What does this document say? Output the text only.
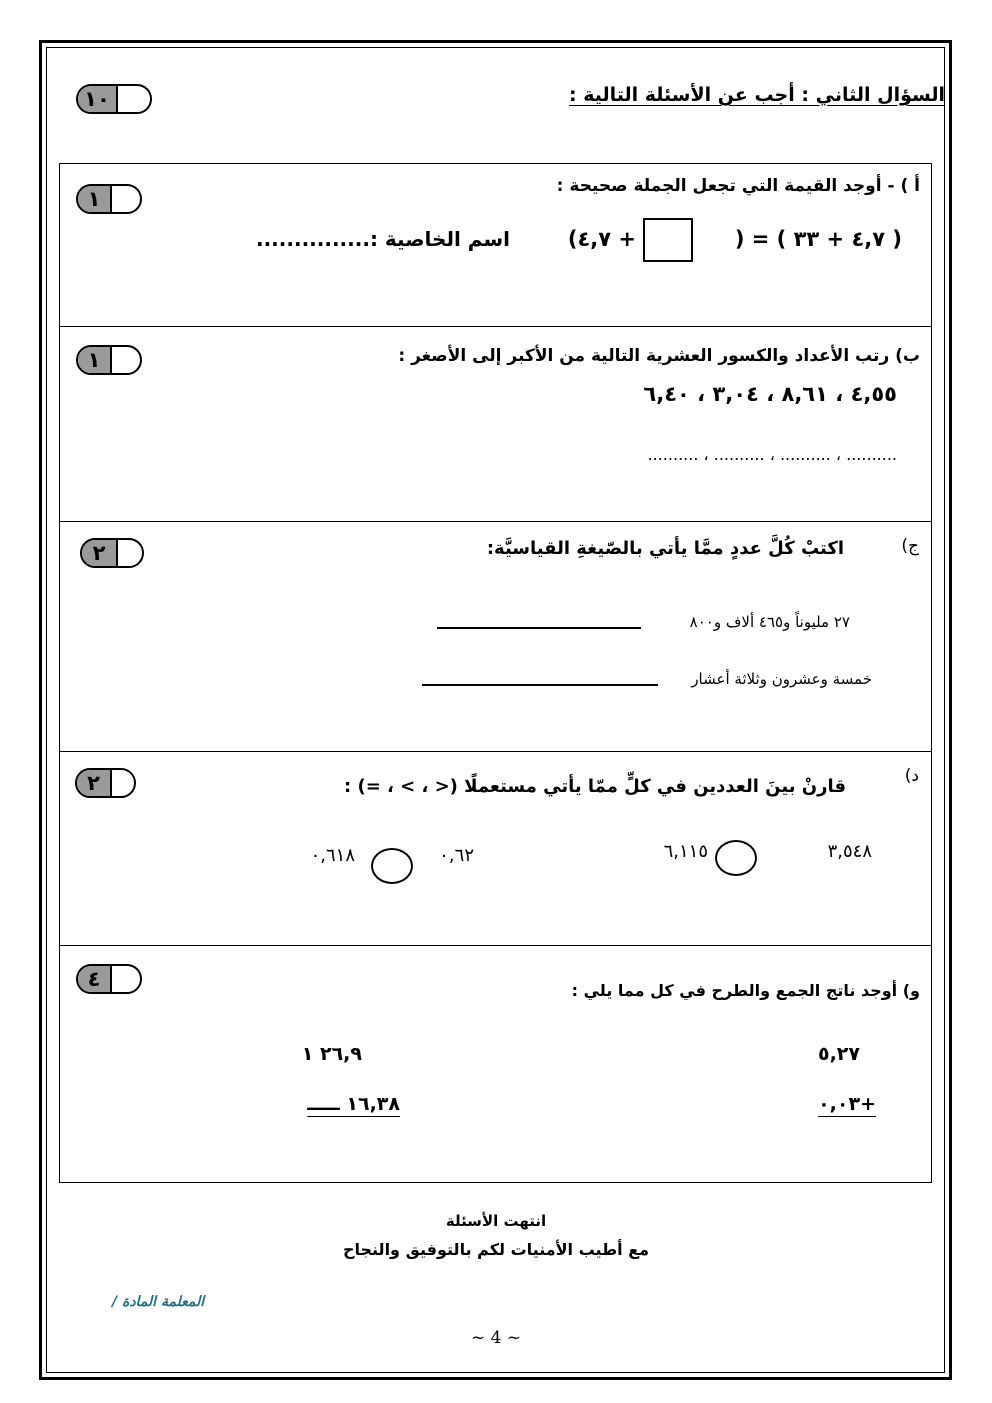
السؤال الثاني : أجب عن الأسئلة التالية :
١٠
أ ) - أوجد القيمة التي تجعل الجملة صحيحة :
١
( ٤,٧ + ٣٣ ) = (
+ ٤,٧)
اسم الخاصية :...............
ب) رتب الأعداد والكسور العشرية التالية من الأكبر إلى الأصغر :
١
٤,٥٥ ، ٨,٦١ ، ٣,٠٤ ، ٦,٤٠
.......... ، .......... ، .......... ، ..........
ج)
اكتبْ كُلَّ عددٍ ممَّا يأتي بالصّيغةِ القياسيَّة:
٢
٢٧ مليوناً و٤٦٥ ألاف و٨٠٠
خمسة وعشرون وثلاثة أعشار
د)
قارنْ بينَ العددين في كلٍّ ممّا يأتي مستعملًا (< ، > ، =) :
٢
٣,٥٤٨
٦,١١٥
٠,٦٢
٠,٦١٨
و) أوجد ناتج الجمع والطرح في كل مما يلي :
٤
٥,٢٧
+٠,٠٣
٢٦,٩ ١
١٦,٣٨ ـــــ
انتهت الأسئلة
مع أطيب الأمنيات لكم بالتوفيق والنجاح
المعلمة المادة /
~ 4 ~
